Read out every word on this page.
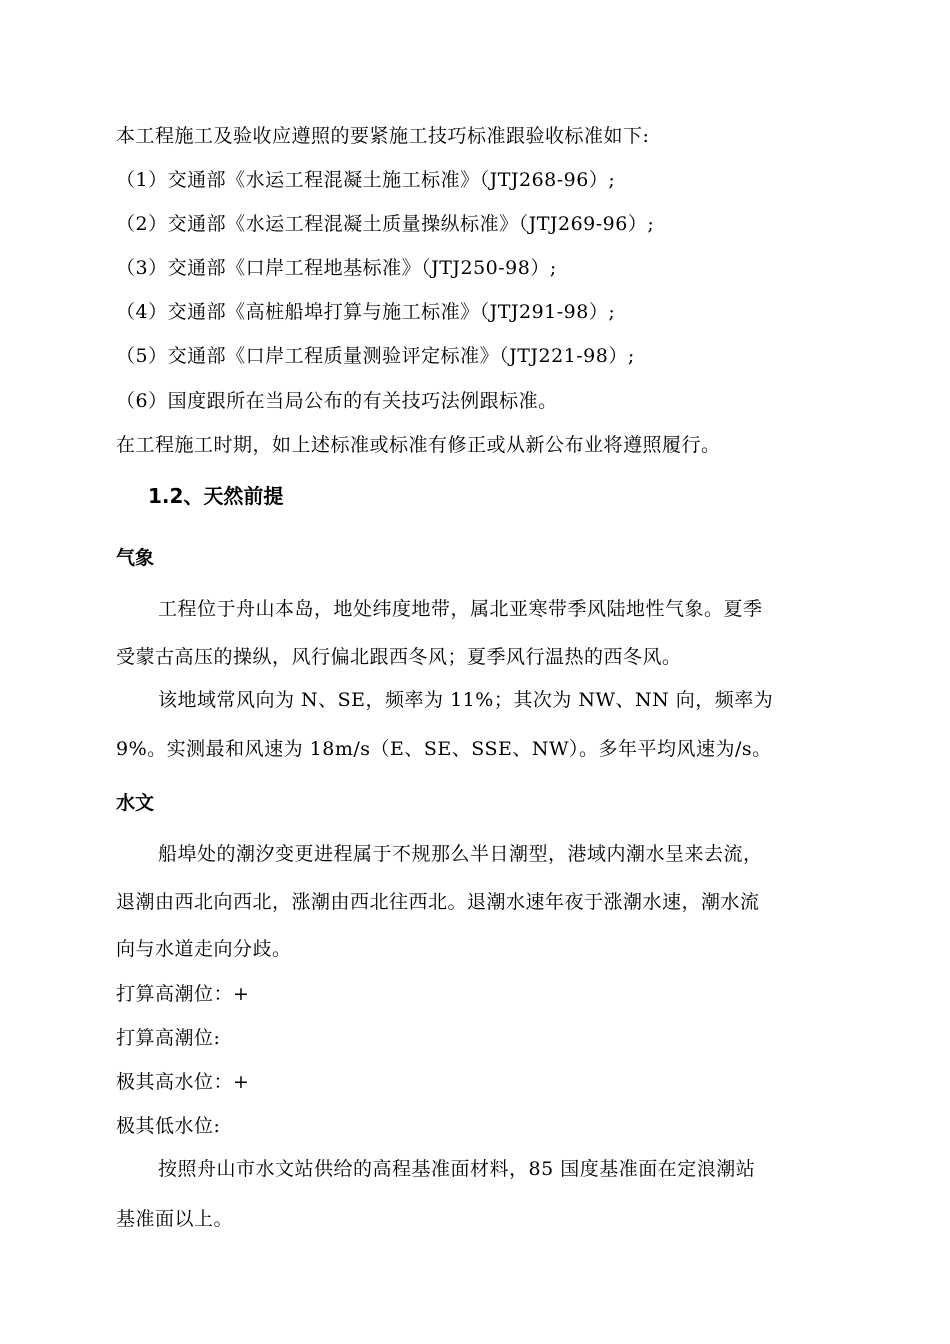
本工程施工及验收应遵照的要紧施工技巧标准跟验收标准如下:
（1）交通部《水运工程混凝土施工标准》（JTJ268-96）;
（2）交通部《水运工程混凝土质量操纵标准》（JTJ269-96）;
（3）交通部《口岸工程地基标准》（JTJ250-98）;
（4）交通部《高桩船埠打算与施工标准》（JTJ291-98）;
（5）交通部《口岸工程质量测验评定标准》（JTJ221-98）;
（6）国度跟所在当局公布的有关技巧法例跟标准。
在工程施工时期，如上述标准或标准有修正或从新公布业将遵照履行。
1.2、天然前提
气象
工程位于舟山本岛，地处纬度地带，属北亚寒带季风陆地性气象。夏季
受蒙古高压的操纵，风行偏北跟西冬风；夏季风行温热的西冬风。
该地域常风向为 N、SE，频率为 11%；其次为 NW、NN 向，频率为
9%。实测最和风速为 18m/s（E、SE、SSE、NW）。多年平均风速为/s。
水文
船埠处的潮汐变更进程属于不规那么半日潮型，港域内潮水呈来去流，
退潮由西北向西北，涨潮由西北往西北。退潮水速年夜于涨潮水速，潮水流
向与水道走向分歧。
打算高潮位：+
打算高潮位:
极其高水位：+
极其低水位:
按照舟山市水文站供给的高程基准面材料，85 国度基准面在定浪潮站
基准面以上。
